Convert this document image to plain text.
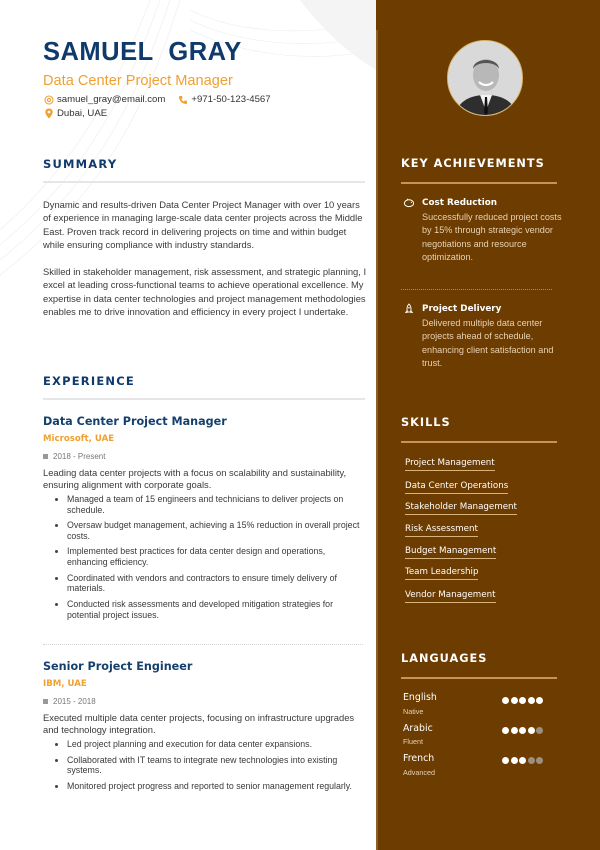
SAMUEL  GRAY
Data Center Project Manager
samuel_gray@email.com	+971-50-123-4567
Dubai, UAE
SUMMARY

Dynamic and results-driven Data Center Project Manager with over 10 years of experience in managing large-scale data center projects across the Middle East. Proven track record in delivering projects on time and within budget while ensuring compliance with industry standards.

Skilled in stakeholder management, risk assessment, and strategic planning, I excel at leading cross-functional teams to achieve operational excellence. My expertise in data center technologies and project management methodologies enables me to drive innovation and efficiency in every project I undertake.

EXPERIENCE
Data Center Project Manager
Microsoft, UAE
2018 - Present

Leading data center projects with a focus on scalability and sustainability, ensuring alignment with corporate goals.

Managed a team of 15 engineers and technicians to deliver projects on schedule.
Oversaw budget management, achieving a 15% reduction in overall project costs.
Implemented best practices for data center design and operations, enhancing efficiency.
Coordinated with vendors and contractors to ensure timely delivery of materials.
Conducted risk assessments and developed mitigation strategies for potential project issues.
Senior Project Engineer
IBM, UAE
2015 - 2018

Executed multiple data center projects, focusing on infrastructure upgrades and technology integration.

Led project planning and execution for data center expansions.
Collaborated with IT teams to integrate new technologies into existing systems.
Monitored project progress and reported to senior management regularly.
KEY ACHIEVEMENTS
Cost Reduction

Successfully reduced project costs by 15% through strategic vendor negotiations and resource optimization.

Project Delivery

Delivered multiple data center projects ahead of schedule, enhancing client satisfaction and trust.

SKILLS
Project Management
Data Center Operations
Stakeholder Management
Risk Assessment
Budget Management
Team Leadership
Vendor Management
LANGUAGES
English
Native
Arabic
Fluent
French
Advanced
